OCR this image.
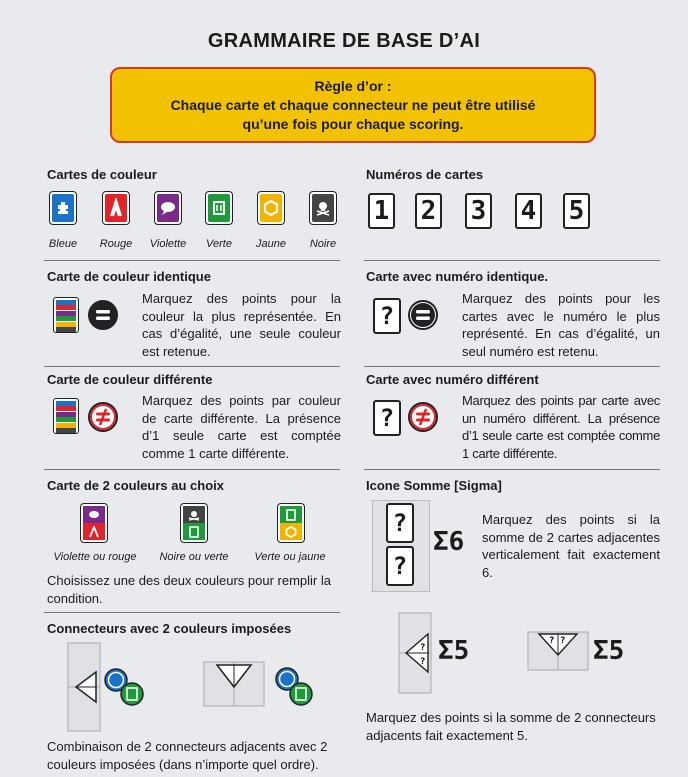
GRAMMAIRE DE BASE D’AI
Règle d’or :
Chaque carte et chaque connecteur ne peut être utilisé
qu’une fois pour chaque scoring.
Cartes de couleur
Bleue	Rouge	Violette	Verte	Jaune	Noire
Carte de couleur identique
Marquez des points pour la couleur la plus représentée. En cas d’égalité, une seule couleur est retenue.
Carte de couleur différente
Marquez des points par couleur de carte différente. La présence d’1 seule carte est comptée comme 1 carte différente.
Carte de 2 couleurs au choix
Violette ou rouge	Noire ou verte	Verte ou jaune
Choisissez une des deux couleurs pour remplir la condition.
Connecteurs avec 2 couleurs imposées
Combinaison de 2 connecteurs adjacents avec 2 couleurs imposées (dans n’importe quel ordre).
Numéros de cartes
1 2 3 4 5
Carte avec numéro identique.
?
Marquez des points pour les cartes avec le numéro le plus représenté. En cas d’égalité, un seul numéro est retenu.
Carte avec numéro différent
?
Marquez des points par carte avec un numéro différent. La présence d’1 seule carte est comptée comme 1 carte différente.
Icone Somme [Sigma]
?
?
Σ6
Marquez des points si la somme de 2 cartes adjacentes verticalement fait exactement 6.
?
? Σ5	? ? Σ5
Marquez des points si la somme de 2 connecteurs adjacents fait exactement 5.
